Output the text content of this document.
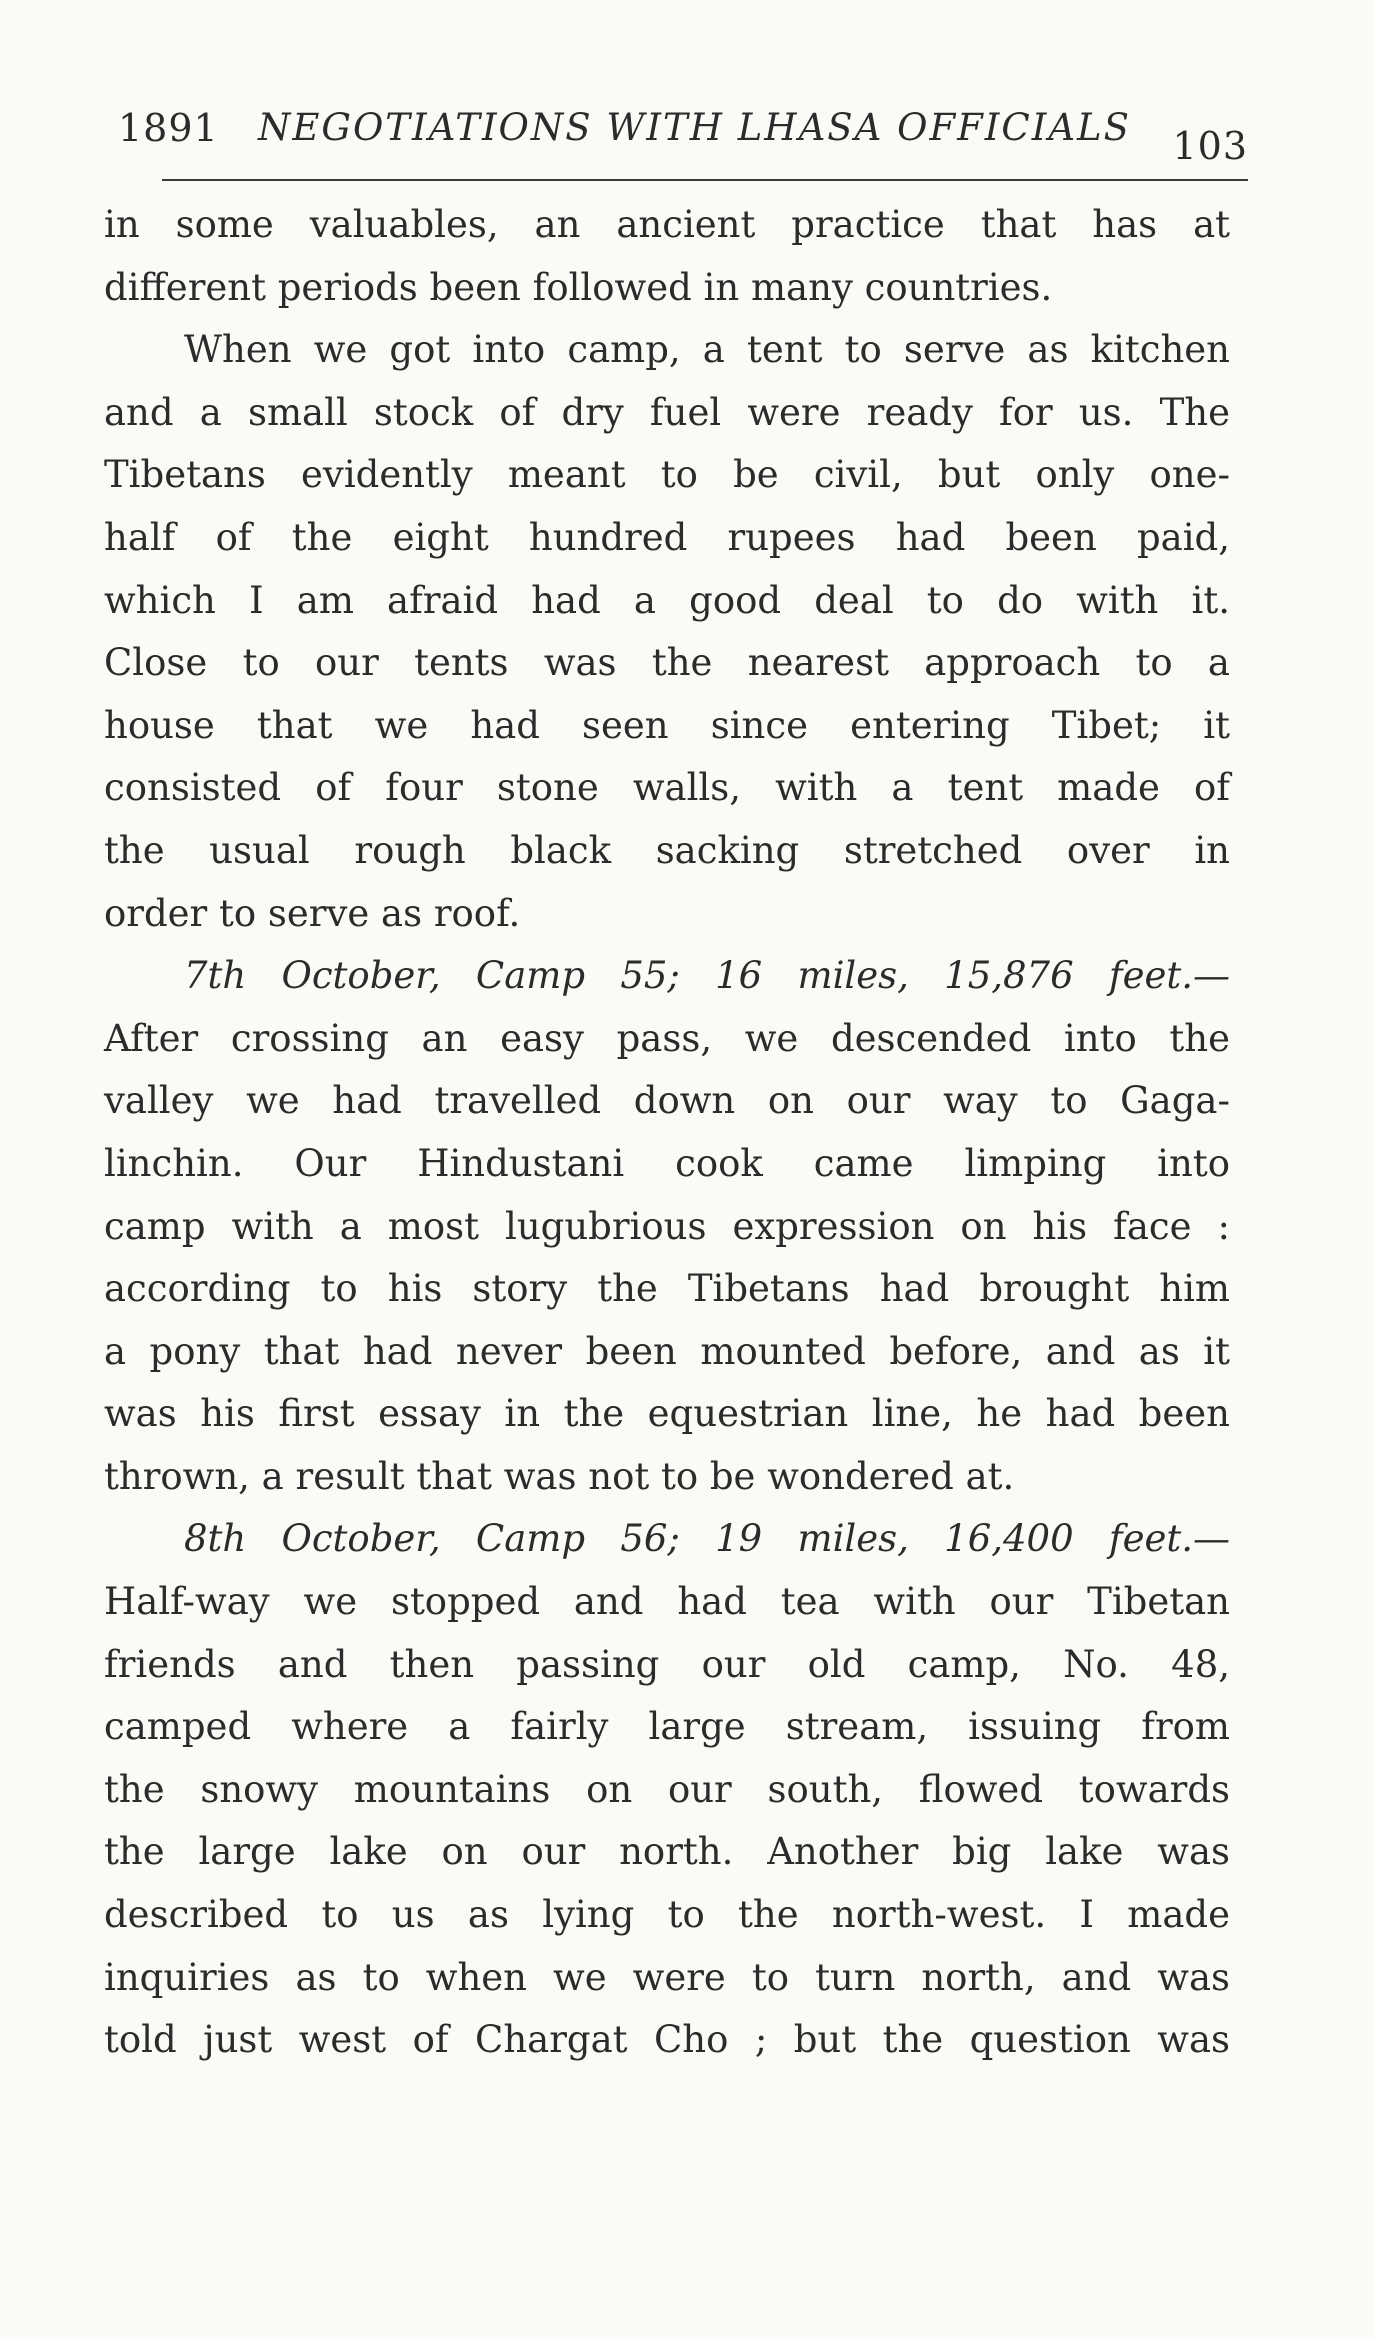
1891 NEGOTIATIONS WITH LHASA OFFICIALS 103
in some valuables, an ancient practice that has at
different periods been followed in many countries.
When we got into camp, a tent to serve as kitchen
and a small stock of dry fuel were ready for us. The
Tibetans evidently meant to be civil, but only one-
half of the eight hundred rupees had been paid,
which I am afraid had a good deal to do with it.
Close to our tents was the nearest approach to a
house that we had seen since entering Tibet; it
consisted of four stone walls, with a tent made of
the usual rough black sacking stretched over in
order to serve as roof.
7th October, Camp 55; 16 miles, 15,876 feet.—
After crossing an easy pass, we descended into the
valley we had travelled down on our way to Gaga-
linchin. Our Hindustani cook came limping into
camp with a most lugubrious expression on his face :
according to his story the Tibetans had brought him
a pony that had never been mounted before, and as it
was his first essay in the equestrian line, he had been
thrown, a result that was not to be wondered at.
8th October, Camp 56; 19 miles, 16,400 feet.—
Half-way we stopped and had tea with our Tibetan
friends and then passing our old camp, No. 48,
camped where a fairly large stream, issuing from
the snowy mountains on our south, flowed towards
the large lake on our north. Another big lake was
described to us as lying to the north-west. I made
inquiries as to when we were to turn north, and was
told just west of Chargat Cho ; but the question was
